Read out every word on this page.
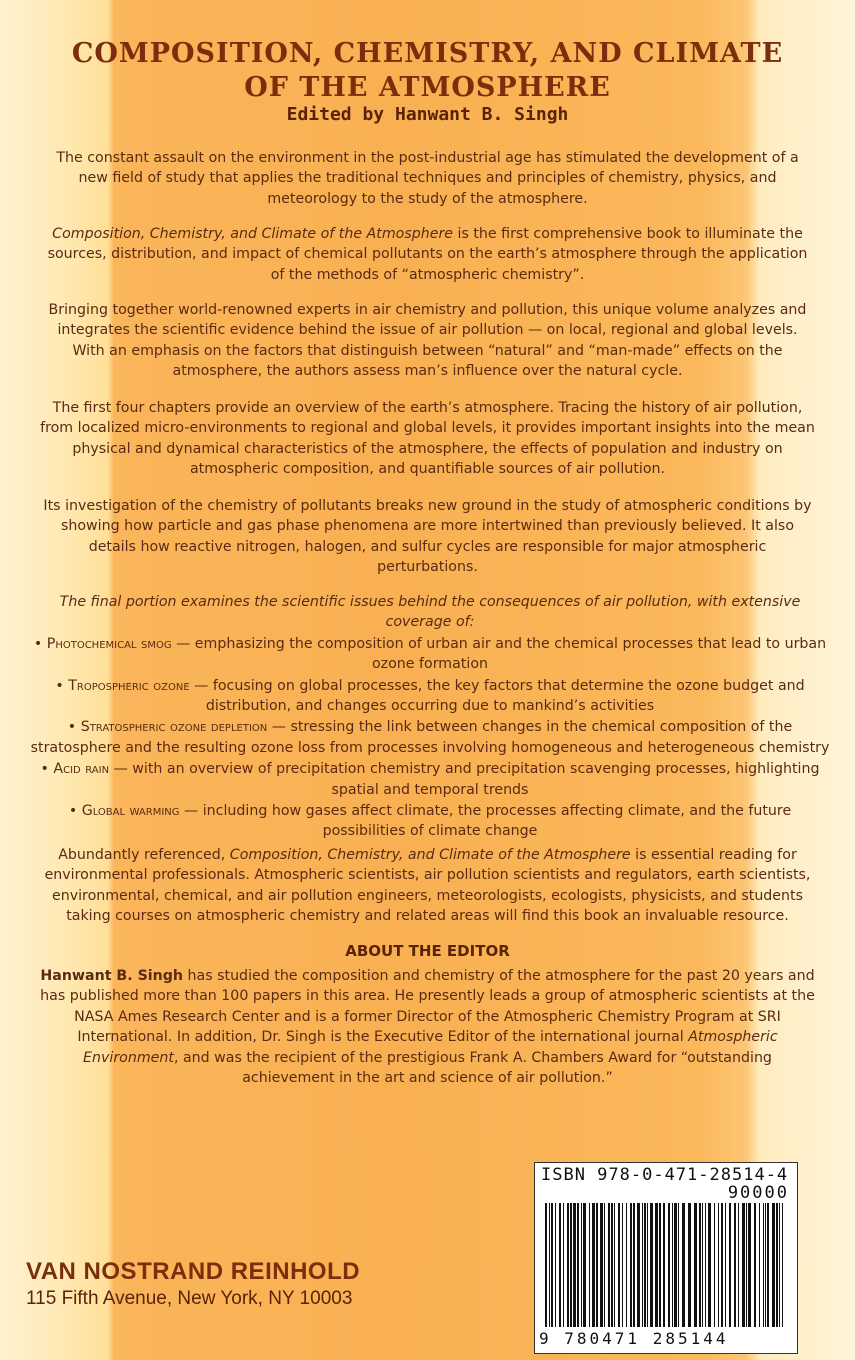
COMPOSITION, CHEMISTRY, AND CLIMATE
OF THE ATMOSPHERE
Edited by Hanwant B. Singh
The constant assault on the environment in the post-industrial age has stimulated the development of a new field of study that applies the traditional techniques and principles of chemistry, physics, and meteorology to the study of the atmosphere.
Composition, Chemistry, and Climate of the Atmosphere is the first comprehensive book to illuminate the sources, distribution, and impact of chemical pollutants on the earth’s atmosphere through the application of the methods of “atmospheric chemistry”.
Bringing together world-renowned experts in air chemistry and pollution, this unique volume analyzes and integrates the scientific evidence behind the issue of air pollution — on local, regional and global levels. With an emphasis on the factors that distinguish between “natural” and “man-made” effects on the atmosphere, the authors assess man’s influence over the natural cycle.
The first four chapters provide an overview of the earth’s atmosphere. Tracing the history of air pollution, from localized micro-environments to regional and global levels, it provides important insights into the mean physical and dynamical characteristics of the atmosphere, the effects of population and industry on atmospheric composition, and quantifiable sources of air pollution.
Its investigation of the chemistry of pollutants breaks new ground in the study of atmospheric conditions by showing how particle and gas phase phenomena are more intertwined than previously believed. It also details how reactive nitrogen, halogen, and sulfur cycles are responsible for major atmospheric perturbations.
The final portion examines the scientific issues behind the consequences of air pollution, with extensive coverage of:
• Photochemical smog — emphasizing the composition of urban air and the chemical processes that lead to urban ozone formation
• Tropospheric ozone — focusing on global processes, the key factors that determine the ozone budget and distribution, and changes occurring due to mankind’s activities
• Stratospheric ozone depletion — stressing the link between changes in the chemical composition of the stratosphere and the resulting ozone loss from processes involving homogeneous and heterogeneous chemistry
• Acid rain — with an overview of precipitation chemistry and precipitation scavenging processes, highlighting spatial and temporal trends
• Global warming — including how gases affect climate, the processes affecting climate, and the future possibilities of climate change
Abundantly referenced, Composition, Chemistry, and Climate of the Atmosphere is essential reading for environmental professionals. Atmospheric scientists, air pollution scientists and regulators, earth scientists, environmental, chemical, and air pollution engineers, meteorologists, ecologists, physicists, and students taking courses on atmospheric chemistry and related areas will find this book an invaluable resource.
ABOUT THE EDITOR
Hanwant B. Singh has studied the composition and chemistry of the atmosphere for the past 20 years and has published more than 100 papers in this area. He presently leads a group of atmospheric scientists at the NASA Ames Research Center and is a former Director of the Atmospheric Chemistry Program at SRI International. In addition, Dr. Singh is the Executive Editor of the international journal Atmospheric Environment, and was the recipient of the prestigious Frank A. Chambers Award for “outstanding achievement in the art and science of air pollution.”
ISBN 978-0-471-28514-4
90000
9 780471 285144
VAN NOSTRAND REINHOLD
115 Fifth Avenue, New York, NY 10003
